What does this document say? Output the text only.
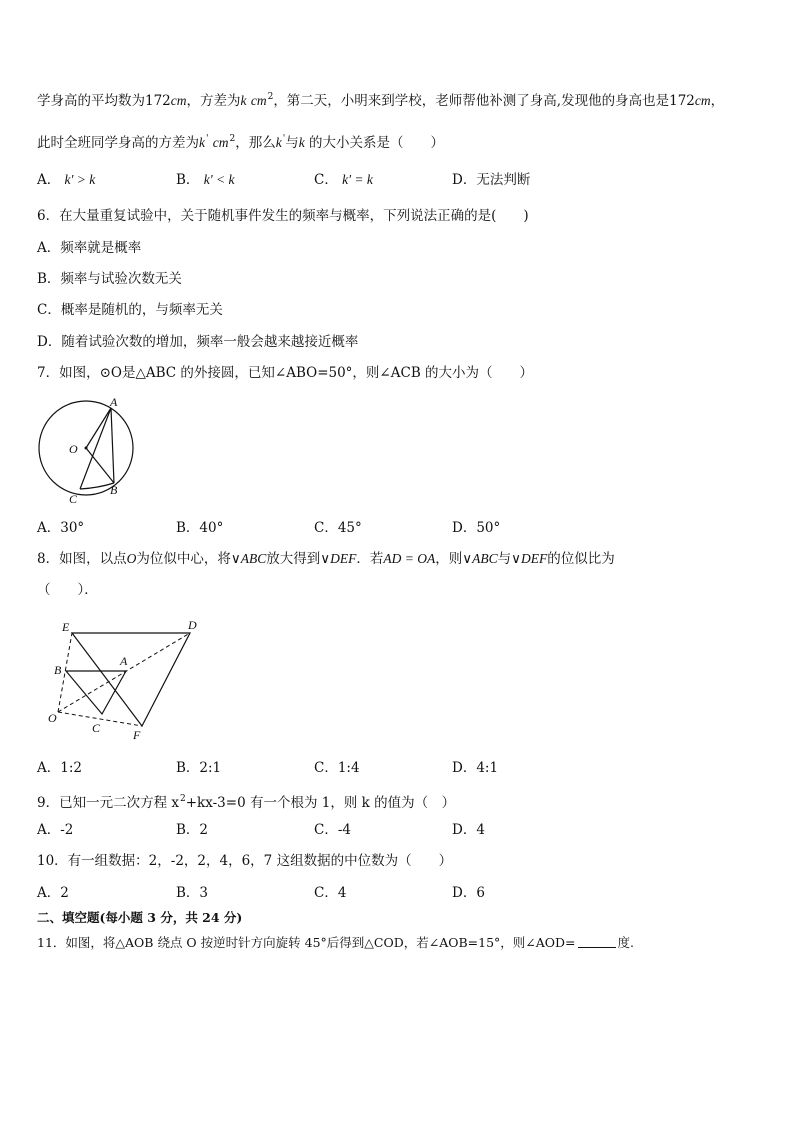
学身高的平均数为172cm，方差为k $cm^2$，第二天，小明来到学校，老师帮他补测了身高,发现他的身高也是172cm，
此时全班同学身高的方差为k' $cm^2$，那么k'与k 的大小关系是（　　）
A． k' > k	B． k' < k	C． k' = k	D．无法判断
6．在大量重复试验中，关于随机事件发生的频率与概率，下列说法正确的是(　　)
A．频率就是概率
B．频率与试验次数无关
C．概率是随机的，与频率无关
D．随着试验次数的增加，频率一般会越来越接近概率
7．如图，⊙O是△ABC 的外接圆，已知∠ABO=50°，则∠ACB 的大小为（　　）
A
O
C
B
A．30°	B．40°	C．45°	D．50°
8．如图，以点O为位似中心，将∨ABC放大得到∨DEF．若AD = OA，则∨ABC与∨DEF的位似比为
（　　）．
E	D
B
A
O
C	F
A．1:2	B．2:1	C．1:4	D．4:1
9．已知一元二次方程 $x^2+kx-3=0$ 有一个根为 1，则 k 的值为（　）
A．-2	B．2	C．-4	D．4
10．有一组数据：2，-2，2，4，6，7 这组数据的中位数为（　　）
A．2	B．3	C．4	D．6
二、填空题(每小题 3 分，共 24 分)
11．如图，将△AOB 绕点 O 按逆时针方向旋转 45°后得到△COD，若∠AOB=15°，则∠AOD=	度.
